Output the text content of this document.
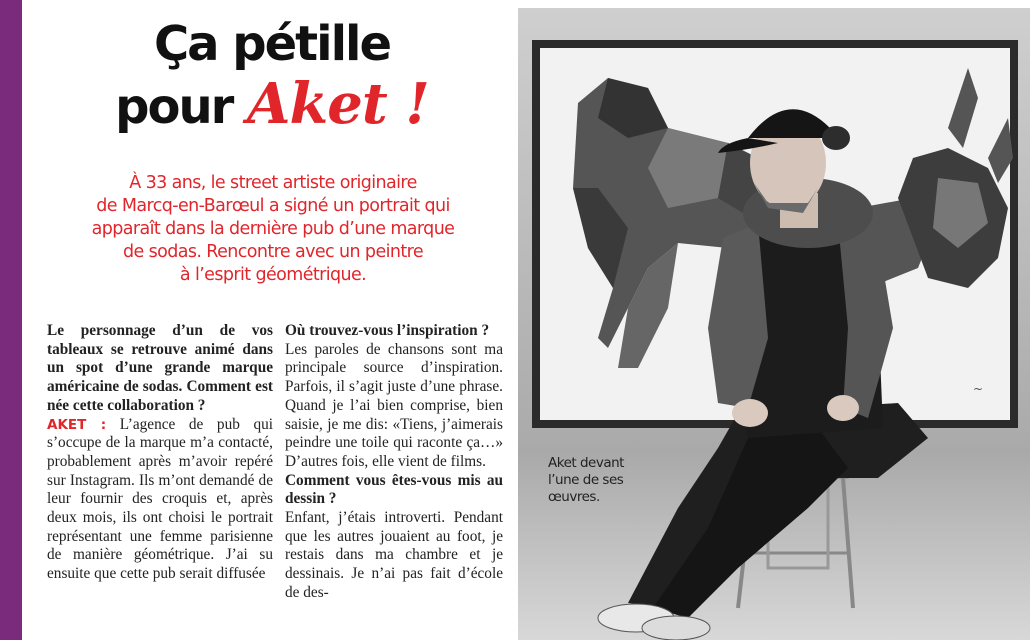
Ça pétille
pour Aket !
À 33 ans, le street artiste originaire
de Marcq-en-Barœul a signé un portrait qui
apparaît dans la dernière pub d’une marque
de sodas. Rencontre avec un peintre
à l’esprit géométrique.

Le personnage d’un de vos tableaux se retrouve animé dans un spot d’une grande marque américaine de sodas. Comment est née cette collaboration ?

AKET : L’agence de pub qui s’occupe de la marque m’a contacté, probablement après m’avoir repéré sur Instagram. Ils m’ont demandé de leur fournir des croquis et, après deux mois, ils ont choisi le portrait représentant une femme parisienne de manière géométrique. J’ai su ensuite que cette pub serait diffusée

Où trouvez-vous l’inspiration ?

Les paroles de chansons sont ma principale source d’inspiration. Parfois, il s’agit juste d’une phrase. Quand je l’ai bien comprise, bien saisie, je me dis: «Tiens, j’aimerais peindre une toile qui raconte ça…» D’autres fois, elle vient de films.

Comment vous êtes-vous mis au dessin ?

Enfant, j’étais introverti. Pendant que les autres jouaient au foot, je restais dans ma chambre et je dessinais. Je n’ai pas fait d’école de des-

~
Aket devant
l’une de ses
œuvres.
